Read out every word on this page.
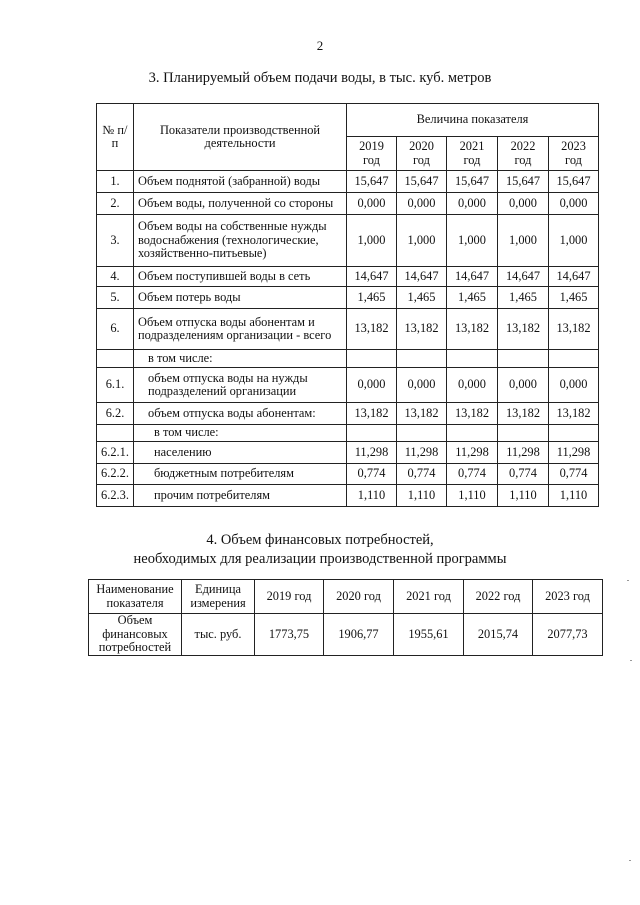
2
3. Планируемый объем подачи воды, в тыс. куб. метров
№ п/п	Показатели производственной деятельности	Величина показателя				
		2019 год	2020 год	2021 год	2022 год	2023 год
1.	Объем поднятой (забранной) воды	15,647	15,647	15,647	15,647	15,647
2.	Объем воды, полученной со стороны	0,000	0,000	0,000	0,000	0,000
3.	Объем воды на собственные нужды водоснабжения (технологические, хозяйственно-питьевые)	1,000	1,000	1,000	1,000	1,000
4.	Объем поступившей воды в сеть	14,647	14,647	14,647	14,647	14,647
5.	Объем потерь воды	1,465	1,465	1,465	1,465	1,465
6.	Объем отпуска воды абонентам и подразделениям организации - всего	13,182	13,182	13,182	13,182	13,182
	в том числе:					
6.1.	объем отпуска воды на нужды подразделений организации	0,000	0,000	0,000	0,000	0,000
6.2.	объем отпуска воды абонентам:	13,182	13,182	13,182	13,182	13,182
	в том числе:					
6.2.1.	населению	11,298	11,298	11,298	11,298	11,298
6.2.2.	бюджетным потребителям	0,774	0,774	0,774	0,774	0,774
6.2.3.	прочим потребителям	1,110	1,110	1,110	1,110	1,110
4. Объем финансовых потребностей,
необходимых для реализации производственной программы
Наименование показателя	Единица измерения	2019 год	2020 год	2021 год	2022 год	2023 год
Объем финансовых потребностей	тыс. руб.	1773,75	1906,77	1955,61	2015,74	2077,73
